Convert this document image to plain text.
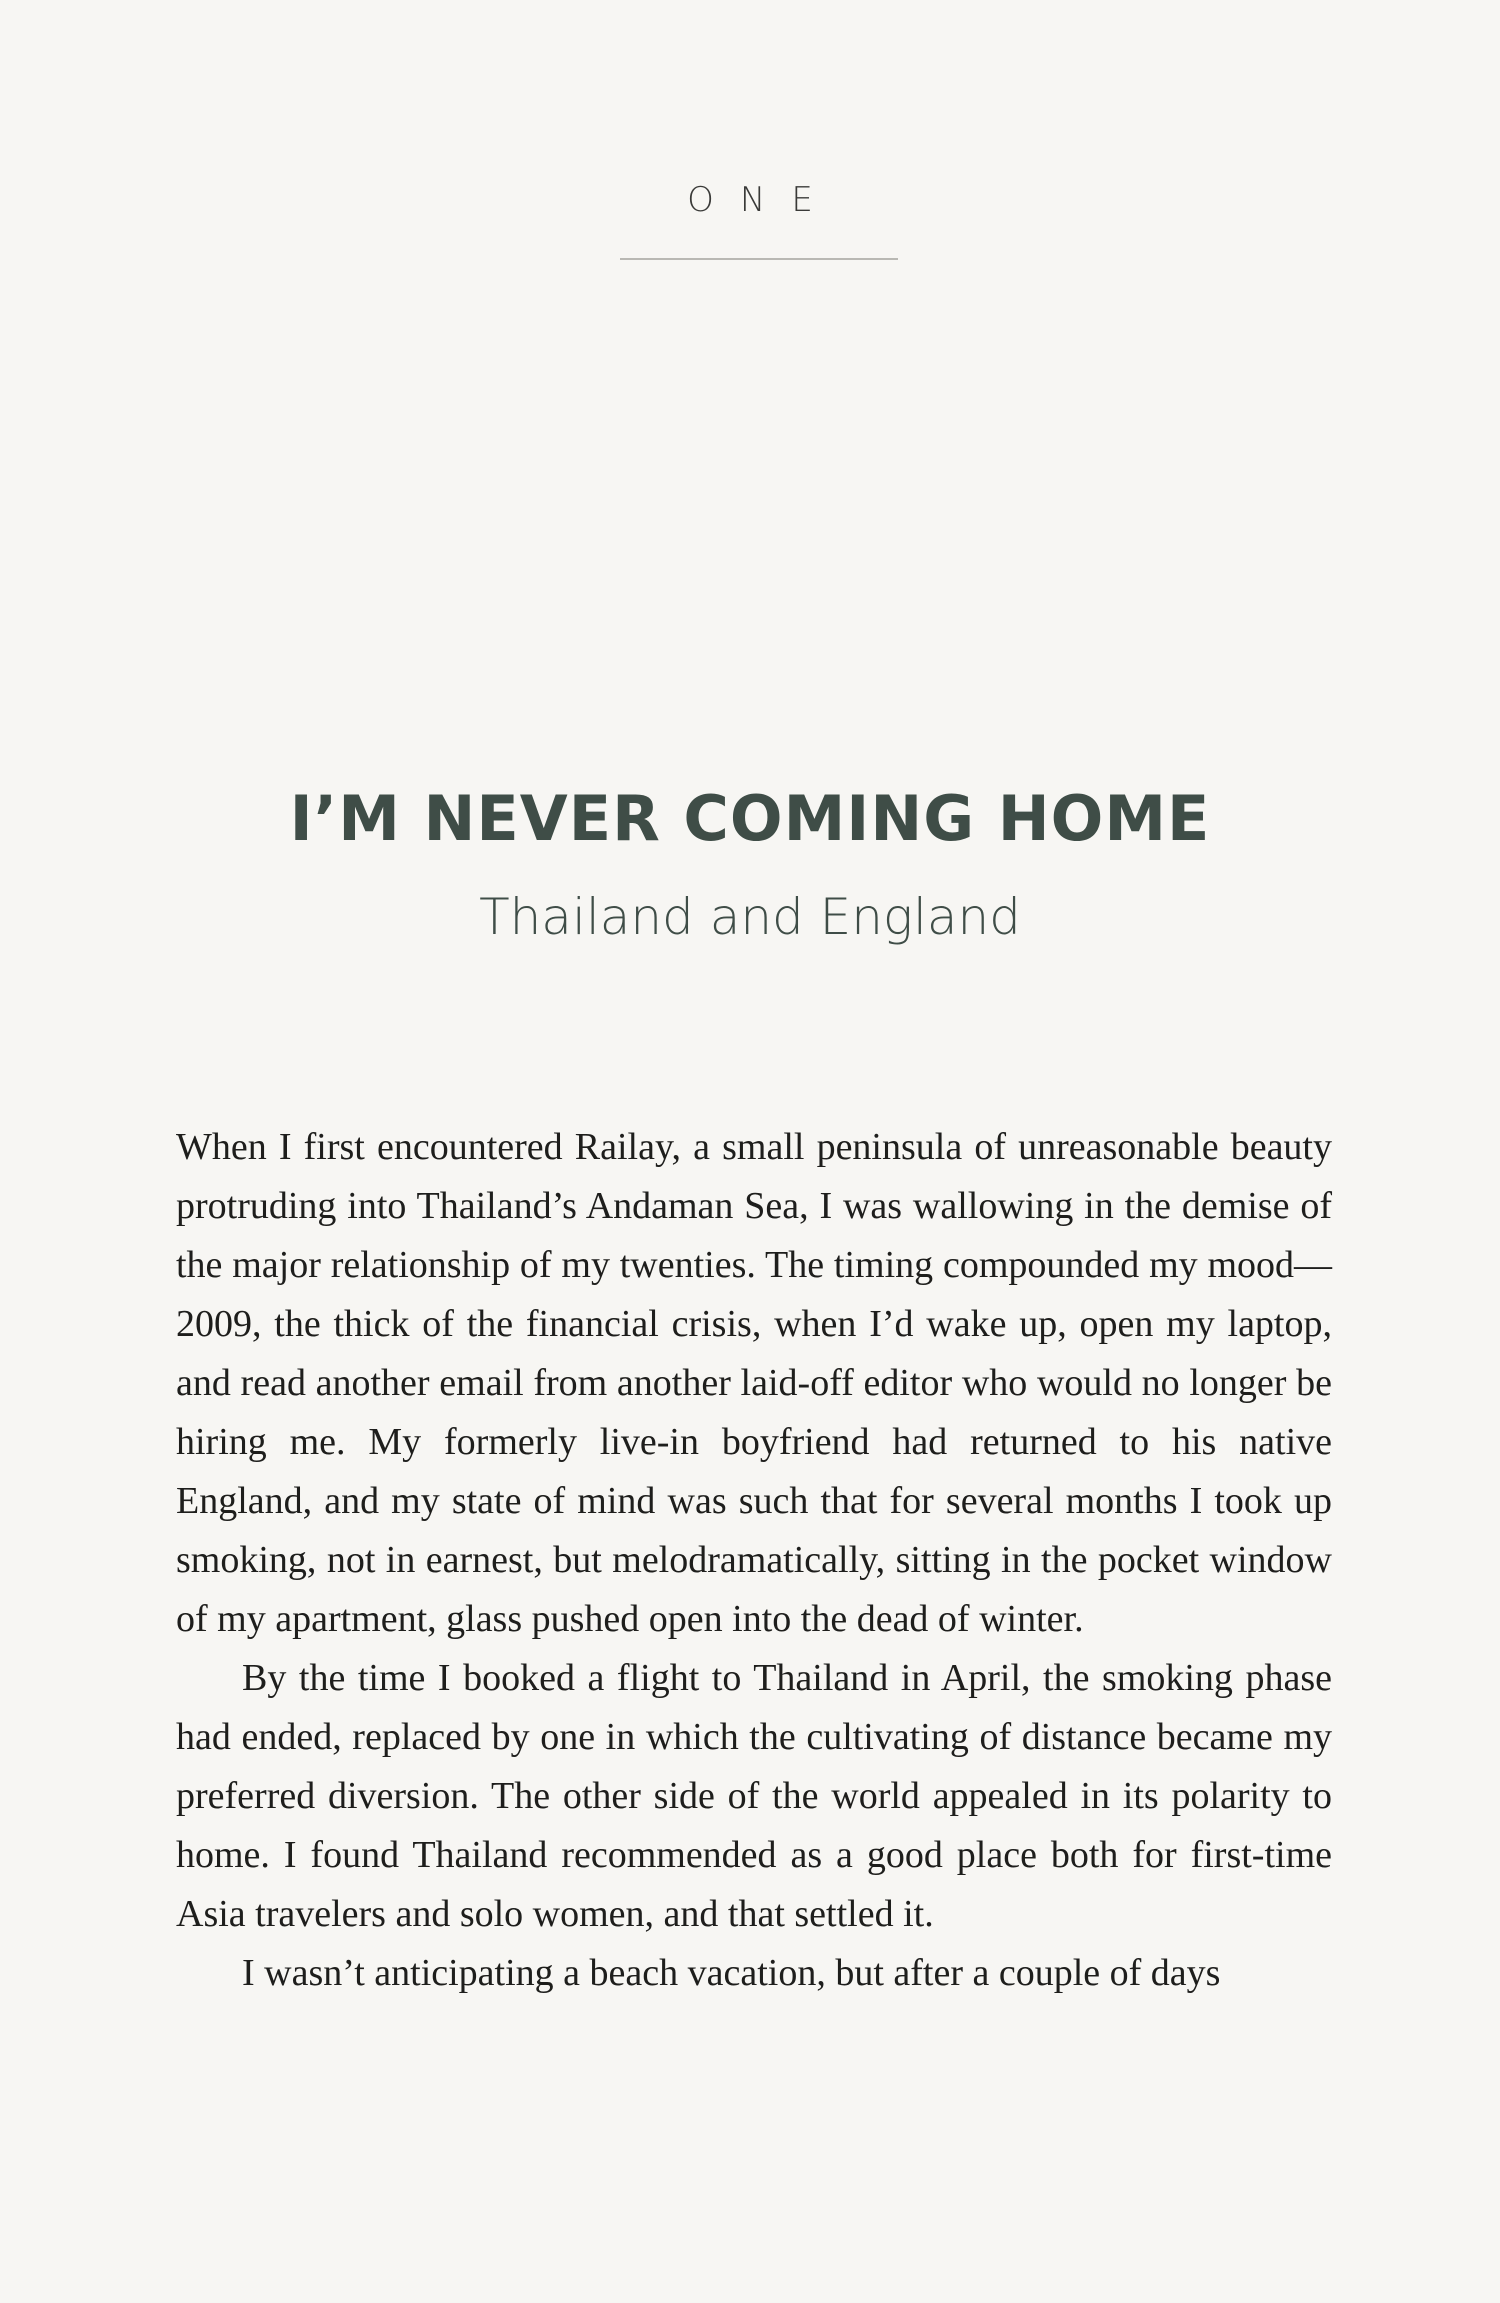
ONE
I’M NEVER COMING HOME
Thailand and England

When I first encountered Railay, a small peninsula of unreasonable beauty protruding into Thailand’s Andaman Sea, I was wallowing in the demise of the major relationship of my twenties. The timing compounded my mood—2009, the thick of the financial crisis, when I’d wake up, open my laptop, and read another email from another laid-off editor who would no longer be hiring me. My formerly live-in boyfriend had returned to his native England, and my state of mind was such that for several months I took up smoking, not in earnest, but melodramatically, sitting in the pocket window of my apartment, glass pushed open into the dead of winter.

By the time I booked a flight to Thailand in April, the smoking phase had ended, replaced by one in which the cultivating of distance became my preferred diversion. The other side of the world appealed in its polarity to home. I found Thailand recommended as a good place both for first-time Asia travelers and solo women, and that settled it.

I wasn’t anticipating a beach vacation, but after a couple of days
